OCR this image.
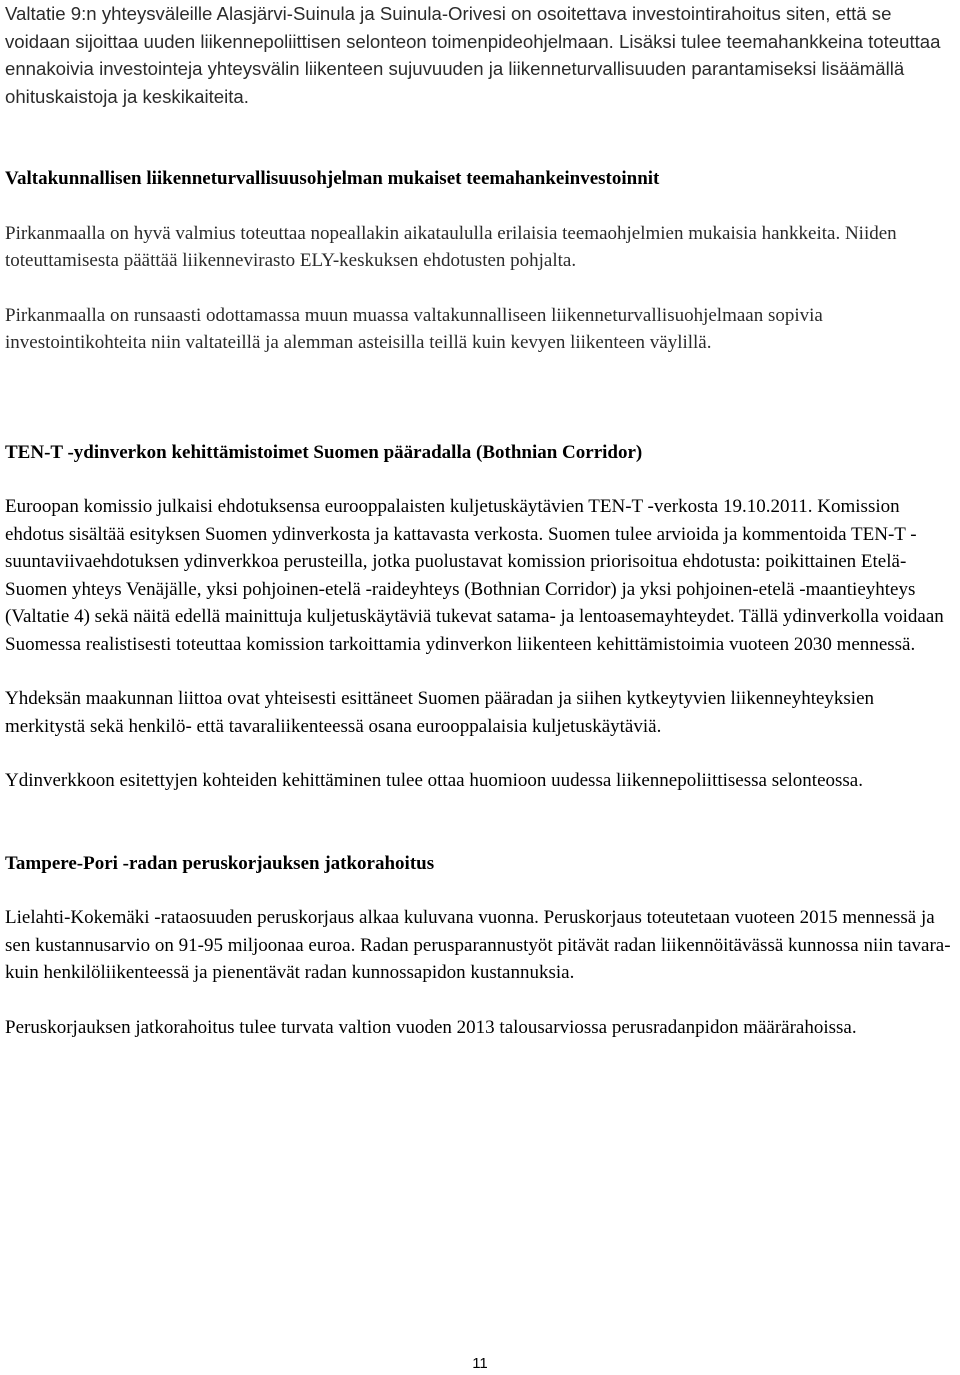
Valtatie 9:n yhteysväleille Alasjärvi-Suinula ja Suinula-Orivesi on osoitettava investointirahoitus siten, että se voidaan sijoittaa uuden liikennepoliittisen selonteon toimenpideohjelmaan. Lisäksi tulee teemahankkeina toteuttaa ennakoivia investointeja yhteysvälin liikenteen sujuvuuden ja liikenneturvallisuuden parantamiseksi lisäämällä ohituskaistoja ja keskikaiteita.

Valtakunnallisen liikenneturvallisuusohjelman mukaiset teemahankeinvestoinnit

Pirkanmaalla on hyvä valmius toteuttaa nopeallakin aikataululla erilaisia teemaohjelmien mukaisia hankkeita. Niiden toteuttamisesta päättää liikennevirasto ELY-keskuksen ehdotusten pohjalta.

Pirkanmaalla on runsaasti odottamassa muun muassa valtakunnalliseen liikenneturvallisuohjelmaan sopivia investointikohteita niin valtateillä ja alemman asteisilla teillä kuin kevyen liikenteen väylillä.

TEN-T -ydinverkon kehittämistoimet Suomen pääradalla (Bothnian Corridor)

Euroopan komissio julkaisi ehdotuksensa eurooppalaisten kuljetuskäytävien TEN-T -verkosta 19.10.2011. Komission ehdotus sisältää esityksen Suomen ydinverkosta ja kattavasta verkosta. Suomen tulee arvioida ja kommentoida TEN-T -suuntaviivaehdotuksen ydinverkkoa perusteilla, jotka puolustavat komission priorisoitua ehdotusta: poikittainen Etelä-Suomen yhteys Venäjälle, yksi pohjoinen-etelä -raideyhteys (Bothnian Corridor) ja yksi pohjoinen-etelä -maantieyhteys (Valtatie 4) sekä näitä edellä mainittuja kuljetuskäytäviä tukevat satama- ja lentoasemayhteydet. Tällä ydinverkolla voidaan Suomessa realistisesti toteuttaa komission tarkoittamia ydinverkon liikenteen kehittämistoimia vuoteen 2030 mennessä.

Yhdeksän maakunnan liittoa ovat yhteisesti esittäneet Suomen pääradan ja siihen kytkeytyvien liikenneyhteyksien merkitystä sekä henkilö- että tavaraliikenteessä osana eurooppalaisia kuljetuskäytäviä.

Ydinverkkoon esitettyjen kohteiden kehittäminen tulee ottaa huomioon uudessa liikennepoliittisessa selonteossa.

Tampere-Pori -radan peruskorjauksen jatkorahoitus

Lielahti-Kokemäki -rataosuuden peruskorjaus alkaa kuluvana vuonna. Peruskorjaus toteutetaan vuoteen 2015 mennessä ja sen kustannusarvio on 91-95 miljoonaa euroa. Radan perusparannustyöt pitävät radan liikennöitävässä kunnossa niin tavara- kuin henkilöliikenteessä ja pienentävät radan kunnossapidon kustannuksia.

Peruskorjauksen jatkorahoitus tulee turvata valtion vuoden 2013 talousarviossa perusradanpidon määrärahoissa.

11
